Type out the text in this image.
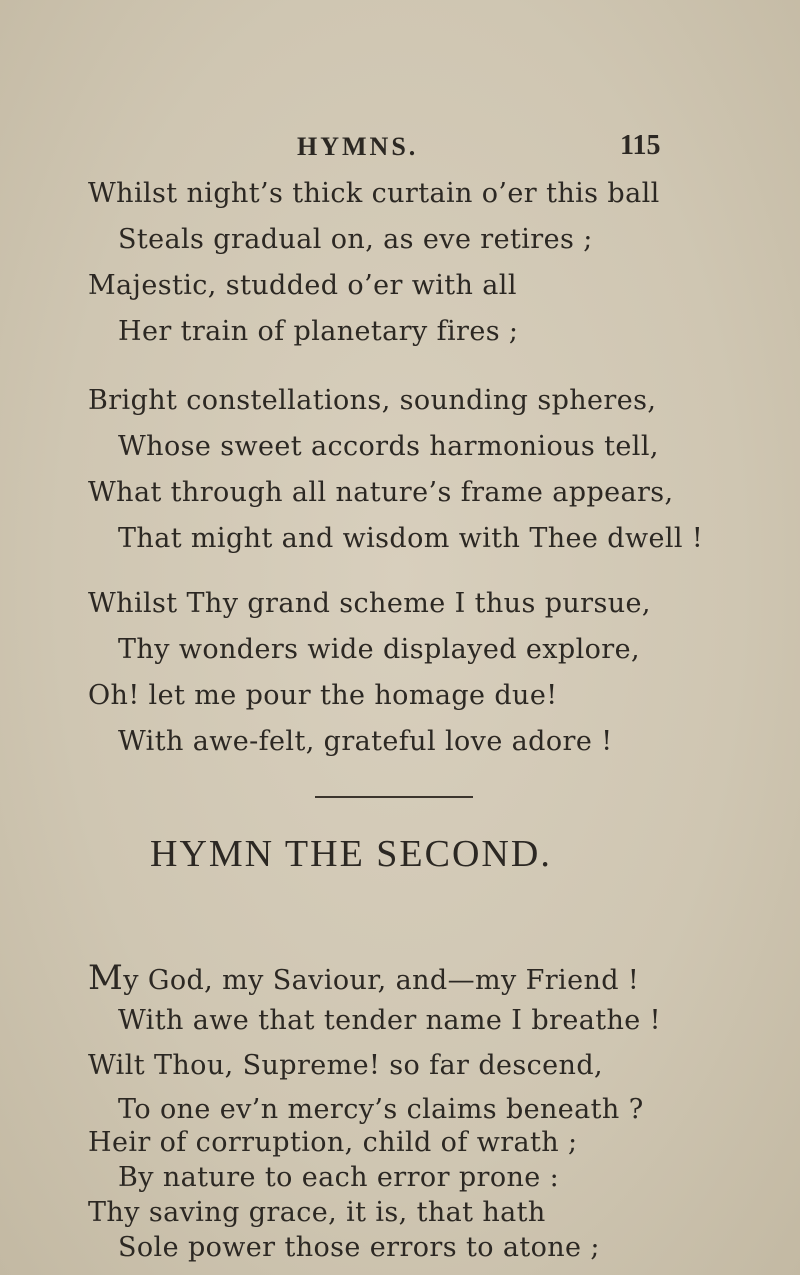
HYMNS.	115
Whilst night’s thick curtain o’er this ball
Steals gradual on, as eve retires ;
Majestic, studded o’er with all
Her train of planetary fires ;
Bright constellations, sounding spheres,
Whose sweet accords harmonious tell,
What through all nature’s frame appears,
That might and wisdom with Thee dwell !
Whilst Thy grand scheme I thus pursue,
Thy wonders wide displayed explore,
Oh! let me pour the homage due!
With awe-felt, grateful love adore !
HYMN THE SECOND.
My God, my Saviour, and—my Friend !
With awe that tender name I breathe !
Wilt Thou, Supreme! so far descend,
To one ev’n mercy’s claims beneath ?
Heir of corruption, child of wrath ;
By nature to each error prone :
Thy saving grace, it is, that hath
Sole power those errors to atone ;
